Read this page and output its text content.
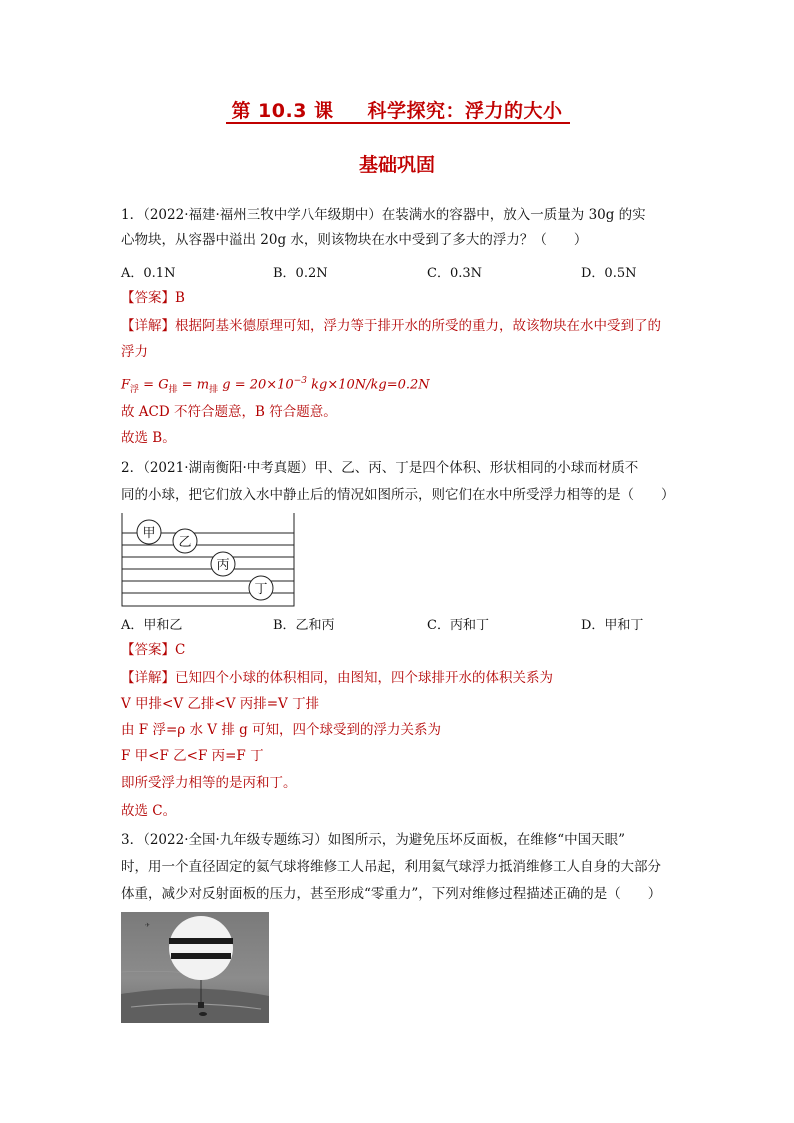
第 10.3 课 科学探究：浮力的大小
基础巩固
1．（2022·福建·福州三牧中学八年级期中）在装满水的容器中，放入一质量为 30g 的实
心物块，从容器中溢出 20g 水，则该物块在水中受到了多大的浮力？（　　）
A．0.1N	B．0.2N	C．0.3N	D．0.5N
【答案】B
【详解】根据阿基米德原理可知，浮力等于排开水的所受的重力，故该物块在水中受到了的
浮力
$F_浮 = G_排 = m_排$ $g = 20\times 10^{-3}$ kg×10N/kg=0.2N
故 ACD 不符合题意，B 符合题意。
故选 B。
2．（2021·湖南衡阳·中考真题）甲、乙、丙、丁是四个体积、形状相同的小球而材质不
同的小球，把它们放入水中静止后的情况如图所示，则它们在水中所受浮力相等的是（　　）
甲
乙
丙
丁
A．甲和乙	B．乙和丙	C．丙和丁	D．甲和丁
【答案】C
【详解】已知四个小球的体积相同，由图知，四个球排开水的体积关系为
V 甲排<V 乙排<V 丙排=V 丁排
由 F 浮=ρ 水 V 排 g 可知，四个球受到的浮力关系为
F 甲<F 乙<F 丙=F 丁
即所受浮力相等的是丙和丁。
故选 C。
3．（2022·全国·九年级专题练习）如图所示，为避免压坏反面板，在维修“中国天眼”
时，用一个直径固定的氦气球将维修工人吊起，利用氦气球浮力抵消维修工人自身的大部分
体重，减少对反射面板的压力，甚至形成“零重力”，下列对维修过程描述正确的是（　　）
✈
